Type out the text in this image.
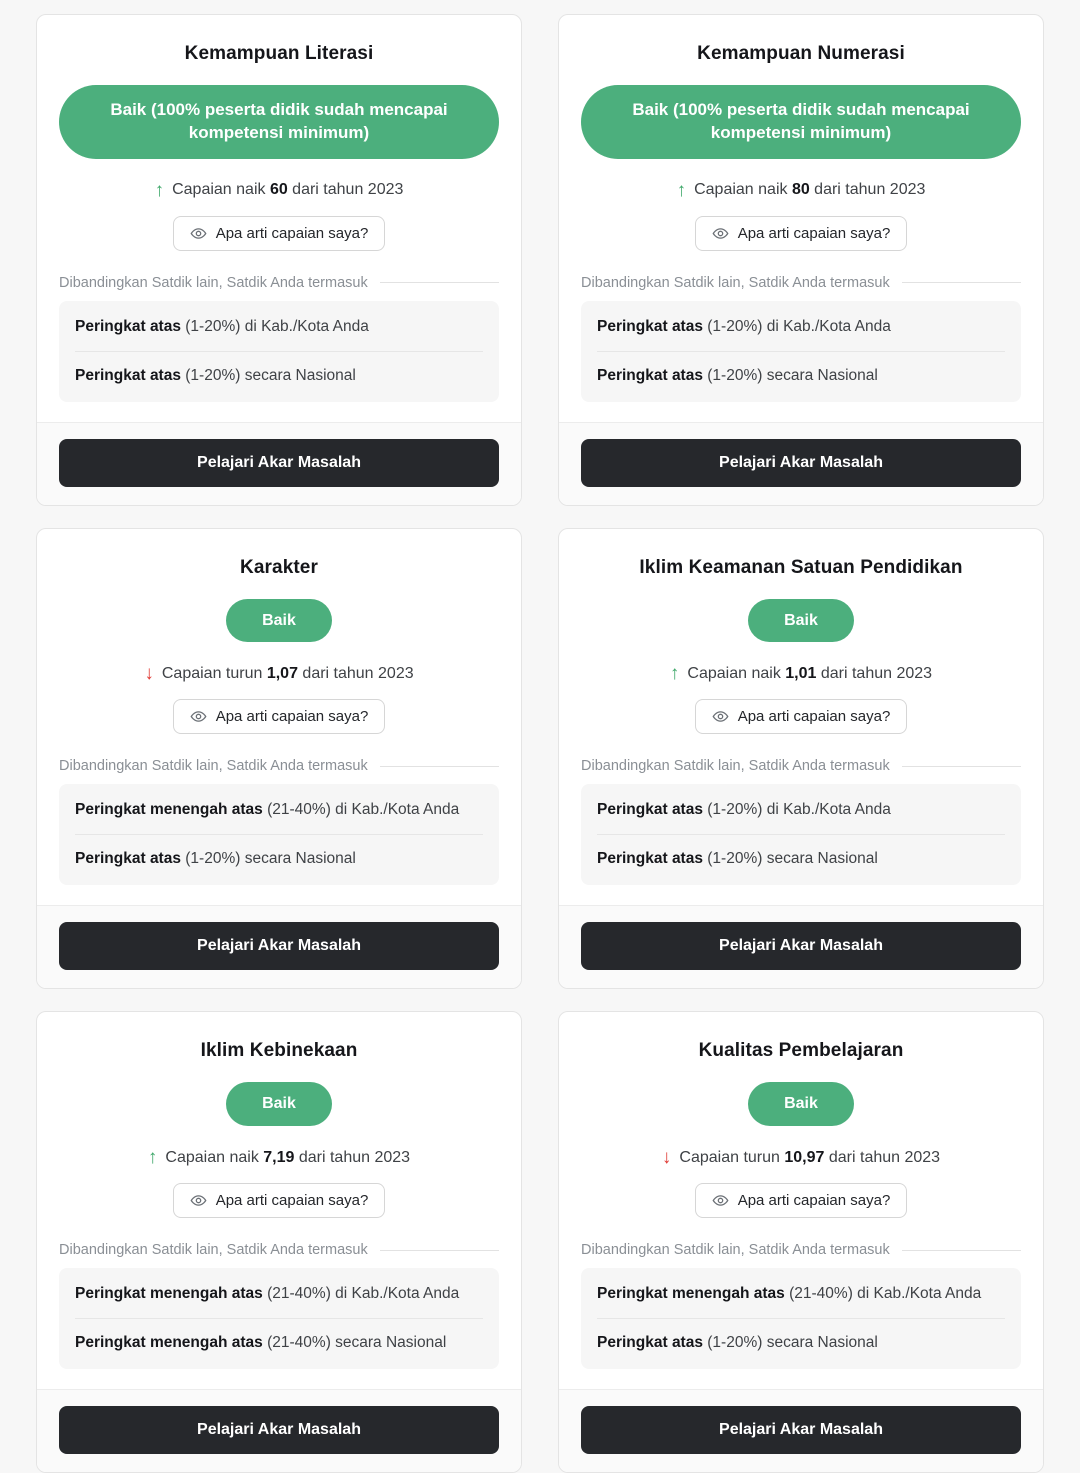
Kemampuan Literasi
Baik (100% peserta didik sudah mencapai kompetensi minimum)
↑ Capaian naik 60 dari tahun 2023
Apa arti capaian saya?
Dibandingkan Satdik lain, Satdik Anda termasuk
Peringkat atas (1-20%) di Kab./Kota Anda
Peringkat atas (1-20%) secara Nasional
Pelajari Akar Masalah
Kemampuan Numerasi
Baik (100% peserta didik sudah mencapai kompetensi minimum)
↑ Capaian naik 80 dari tahun 2023
Apa arti capaian saya?
Dibandingkan Satdik lain, Satdik Anda termasuk
Peringkat atas (1-20%) di Kab./Kota Anda
Peringkat atas (1-20%) secara Nasional
Pelajari Akar Masalah
Karakter
Baik
↓ Capaian turun 1,07 dari tahun 2023
Apa arti capaian saya?
Dibandingkan Satdik lain, Satdik Anda termasuk
Peringkat menengah atas (21-40%) di Kab./Kota Anda
Peringkat atas (1-20%) secara Nasional
Pelajari Akar Masalah
Iklim Keamanan Satuan Pendidikan
Baik
↑ Capaian naik 1,01 dari tahun 2023
Apa arti capaian saya?
Dibandingkan Satdik lain, Satdik Anda termasuk
Peringkat atas (1-20%) di Kab./Kota Anda
Peringkat atas (1-20%) secara Nasional
Pelajari Akar Masalah
Iklim Kebinekaan
Baik
↑ Capaian naik 7,19 dari tahun 2023
Apa arti capaian saya?
Dibandingkan Satdik lain, Satdik Anda termasuk
Peringkat menengah atas (21-40%) di Kab./Kota Anda
Peringkat menengah atas (21-40%) secara Nasional
Pelajari Akar Masalah
Kualitas Pembelajaran
Baik
↓ Capaian turun 10,97 dari tahun 2023
Apa arti capaian saya?
Dibandingkan Satdik lain, Satdik Anda termasuk
Peringkat menengah atas (21-40%) di Kab./Kota Anda
Peringkat atas (1-20%) secara Nasional
Pelajari Akar Masalah
